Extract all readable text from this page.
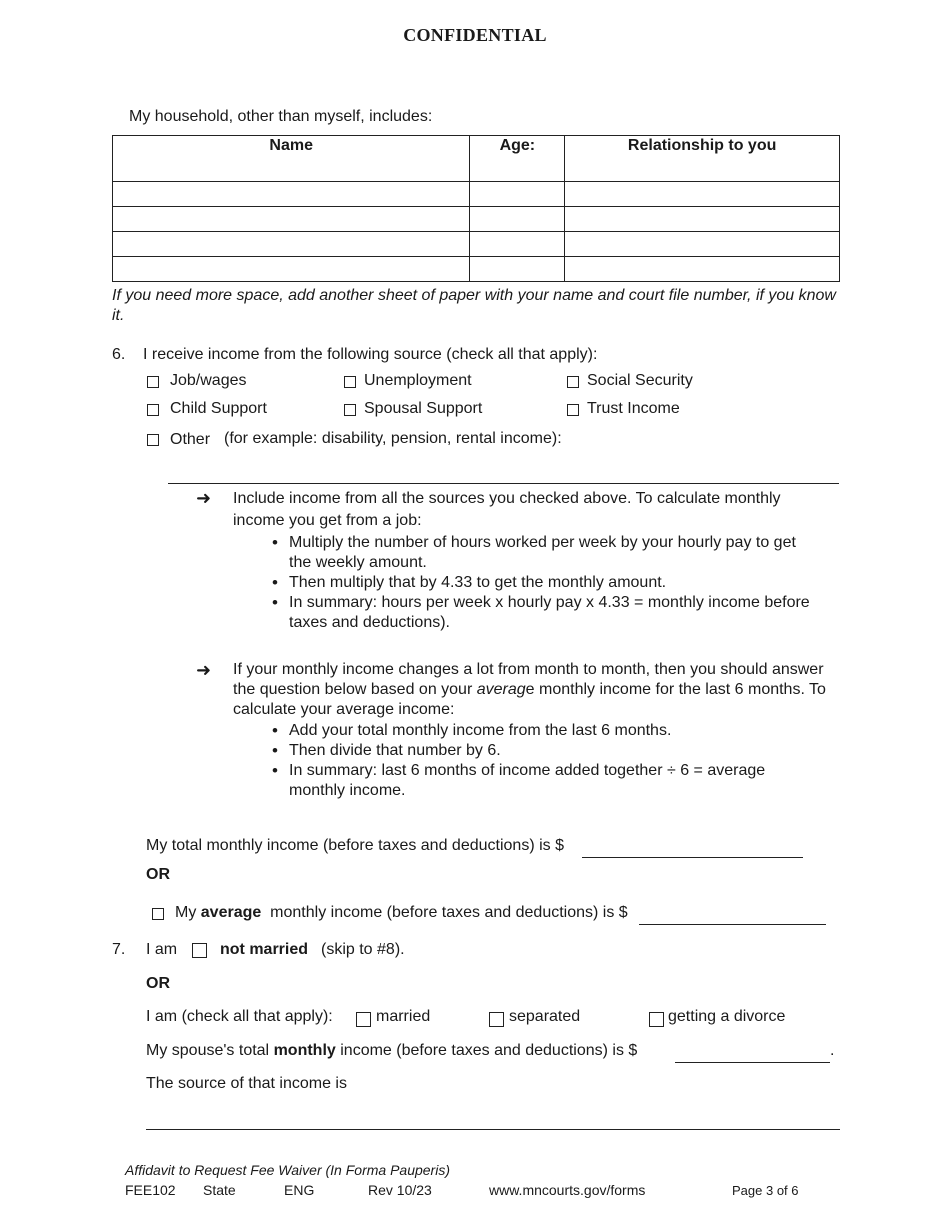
CONFIDENTIAL
My household, other than myself, includes:
Name	Age:	Relationship to you

If you need more space, add another sheet of paper with your name and court file number, if you know it.
6. I receive income from the following source (check all that apply):
Job/wages	Unemployment	Social Security
Child Support	Spousal Support	Trust Income
Other (for example: disability, pension, rental income):
➜ Include income from all the sources you checked above. To calculate monthly income you get from a job:
• Multiply the number of hours worked per week by your hourly pay to get the weekly amount.
• Then multiply that by 4.33 to get the monthly amount.
• In summary: hours per week x hourly pay x 4.33 = monthly income before taxes and deductions).
➜ If your monthly income changes a lot from month to month, then you should answer the question below based on your average monthly income for the last 6 months. To calculate your average income:
• Add your total monthly income from the last 6 months.
• Then divide that number by 6.
• In summary: last 6 months of income added together ÷ 6 = average monthly income.
My total monthly income (before taxes and deductions) is $
OR
My average monthly income (before taxes and deductions) is $
7. I am	not married (skip to #8).
OR
I am (check all that apply):	married	separated	getting a divorce
My spouse's total monthly income (before taxes and deductions) is $	.
The source of that income is
Affidavit to Request Fee Waiver (In Forma Pauperis)
FEE102 State	ENG	Rev 10/23	www.mncourts.gov/forms	Page 3 of 6
